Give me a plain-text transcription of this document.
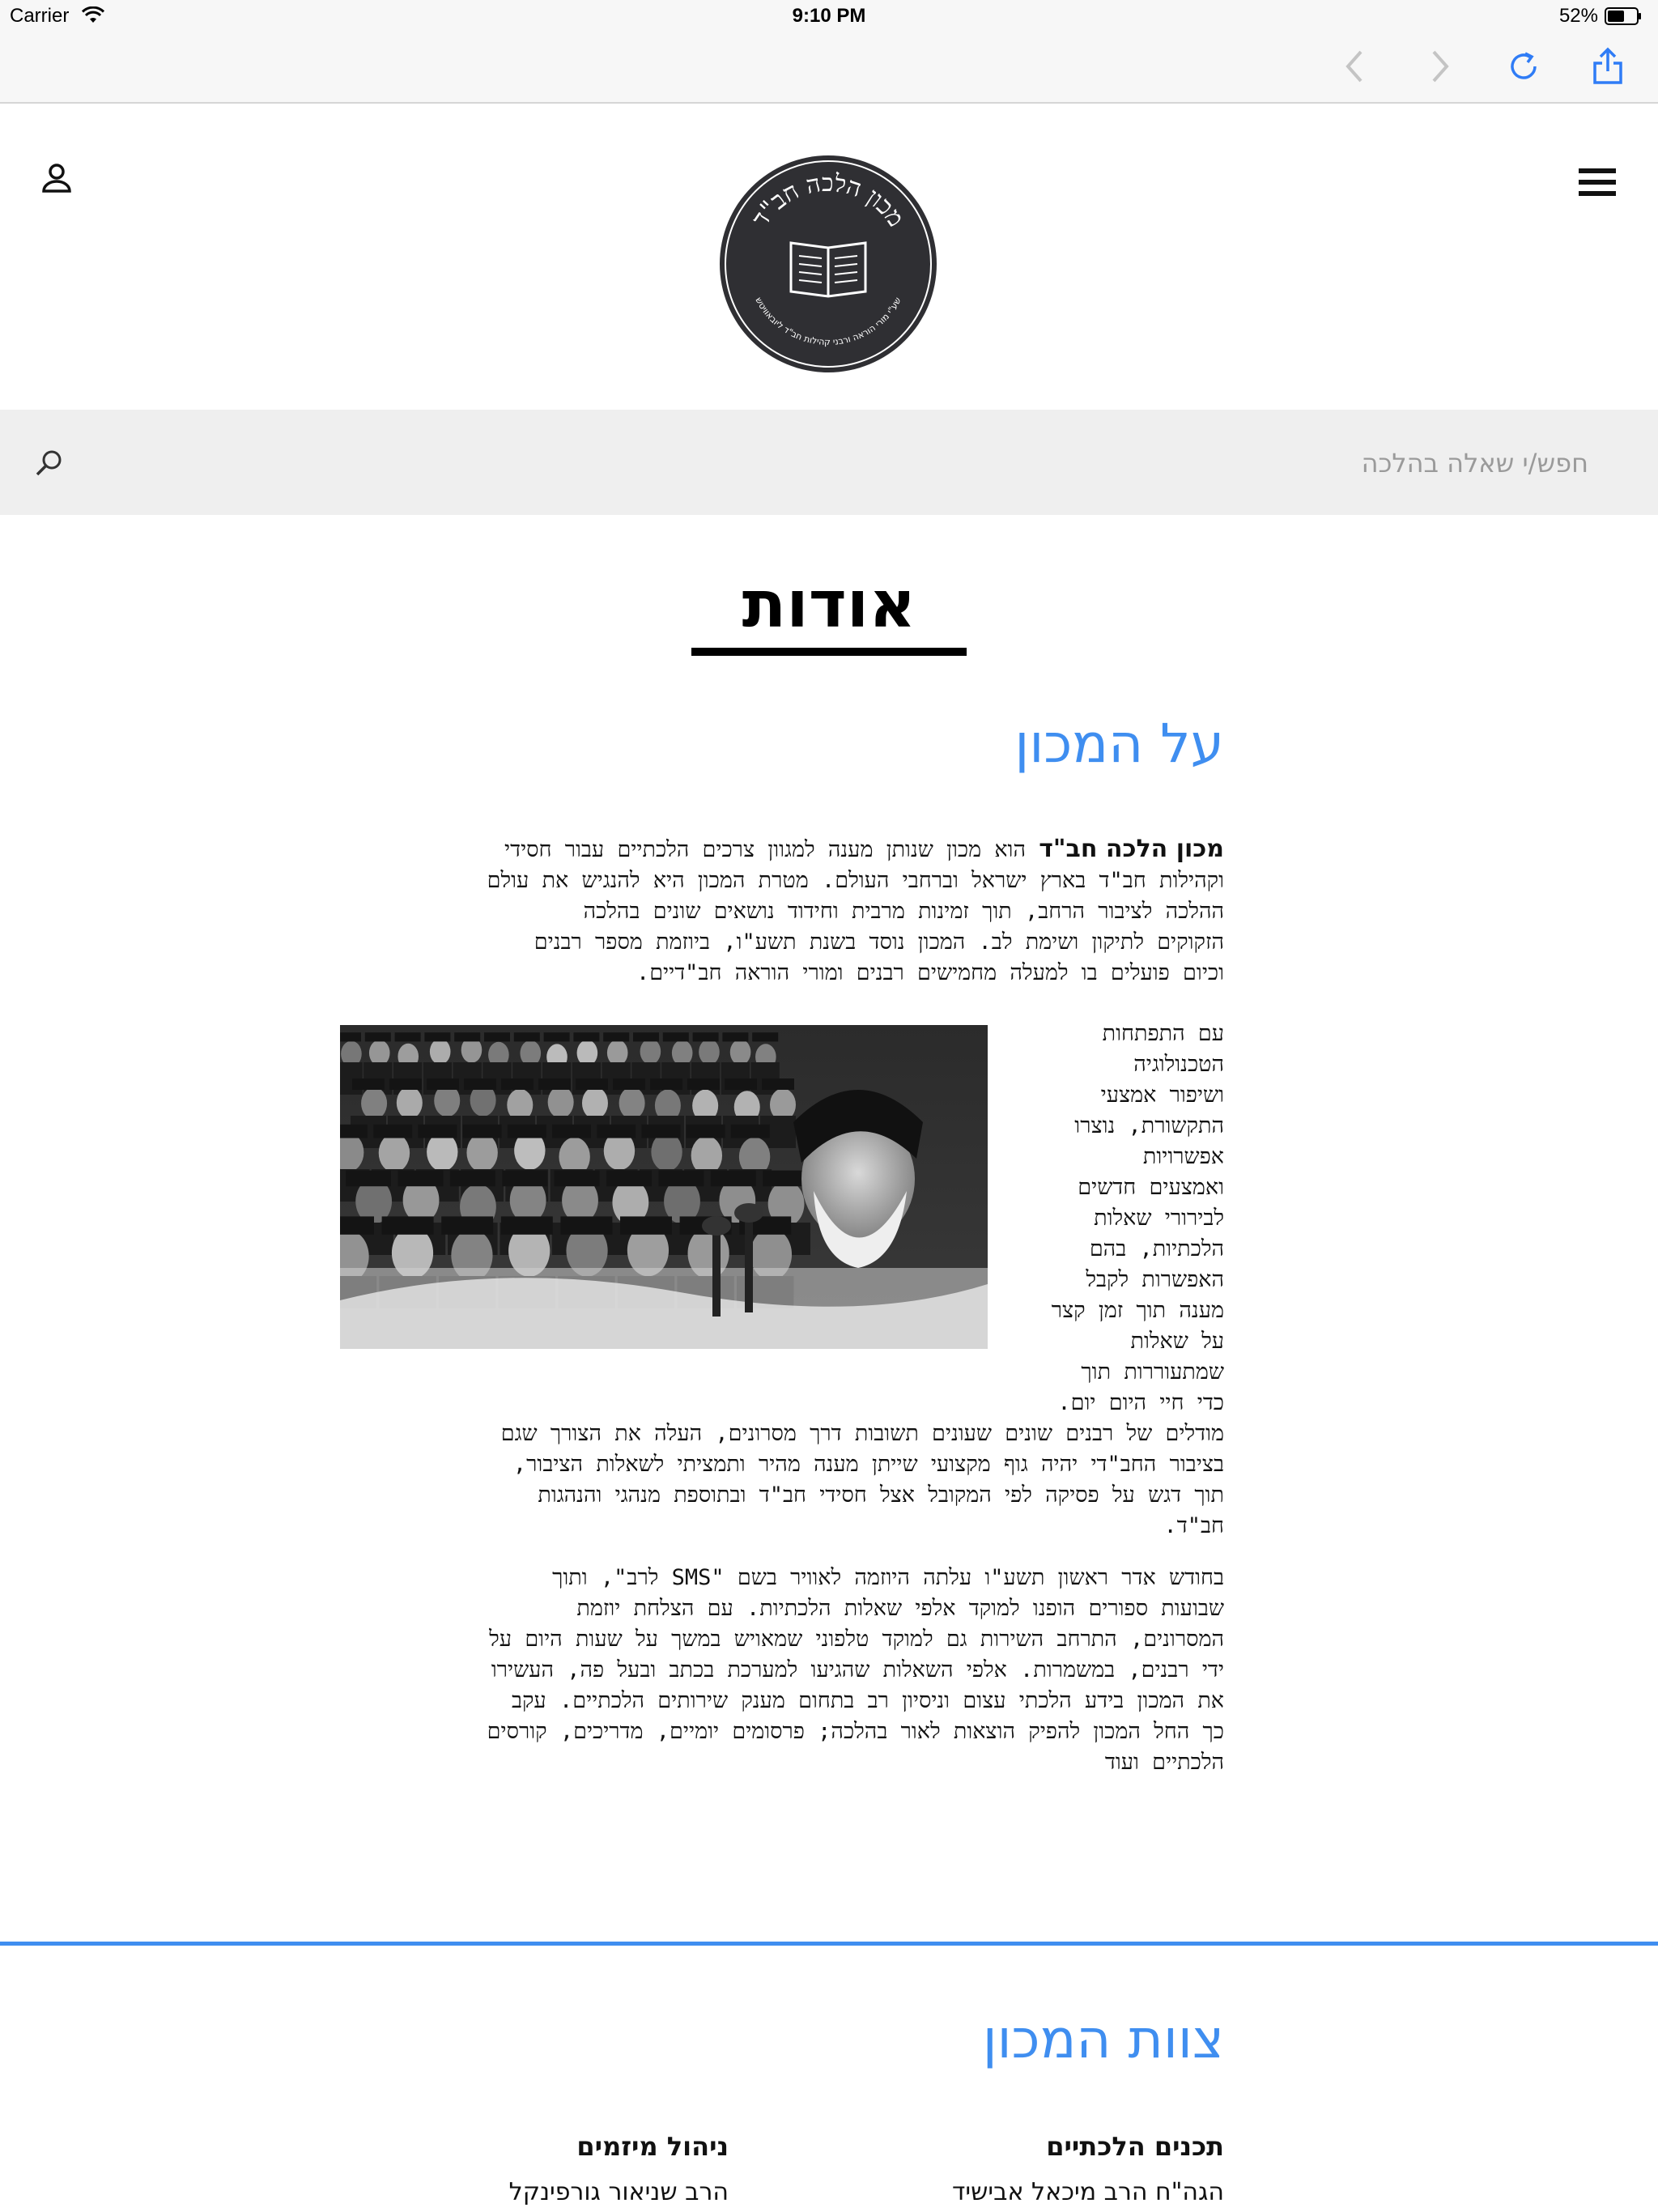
Carrier	9:10 PM	52%
מכון הלכה חב"ד
שע"י מורי הוראה ורבני קהילות חב"ד ליובאוויטש
חפש/י שאלה בהלכה
אודות
על המכון
מכון הלכה חב"ד הוא מכון שנותן מענה למגוון צרכים הלכתיים עבור חסידי
וקהילות חב"ד בארץ ישראל וברחבי העולם. מטרת המכון היא להנגיש את עולם
ההלכה לציבור הרחב, תוך זמינות מרבית וחידוד נושאים שונים בהלכה
הזקוקים לתיקון ושימת לב. המכון נוסד בשנת תשע"ו, ביוזמת מספר רבנים
וכיום פועלים בו למעלה מחמישים רבנים ומורי הוראה חב"דיים.
עם התפתחות
הטכנולוגיה
ושיפור אמצעי
התקשורת, נוצרו
אפשרויות
ואמצעים חדשים
לבירורי שאלות
הלכתיות, בהם
האפשרות לקבל
מענה תוך זמן קצר
על שאלות
שמתעוררות תוך
כדי חיי היום יום.
מודלים של רבנים שונים שעונים תשובות דרך מסרונים, העלה את הצורך שגם
בציבור החב"די יהיה גוף מקצועי שייתן מענה מהיר ותמציתי לשאלות הציבור,
תוך דגש על פסיקה לפי המקובל אצל חסידי חב"ד ובתוספת מנהגי והנהגות
חב"ד.
בחודש אדר ראשון תשע"ו עלתה היוזמה לאוויר בשם "SMS לרב", ותוך
שבועות ספורים הופנו למוקד אלפי שאלות הלכתיות. עם הצלחת יוזמת
המסרונים, התרחב השירות גם למוקד טלפוני שמאויש במשך על שעות היום על
ידי רבנים, במשמרות. אלפי השאלות שהגיעו למערכת בכתב ובעל פה, העשירו
את המכון בידע הלכתי עצום וניסיון רב בתחום מענק שירותים הלכתיים. עקב
כך החל המכון להפיק הוצאות לאור בהלכה; פרסומים יומיים, מדריכים, קורסים
הלכתיים ועוד
צוות המכון
תכנים הלכתיים
הגה"ח הרב מיכאל אבישיד
ניהול מיזמים
הרב שניאור גורפינקל
